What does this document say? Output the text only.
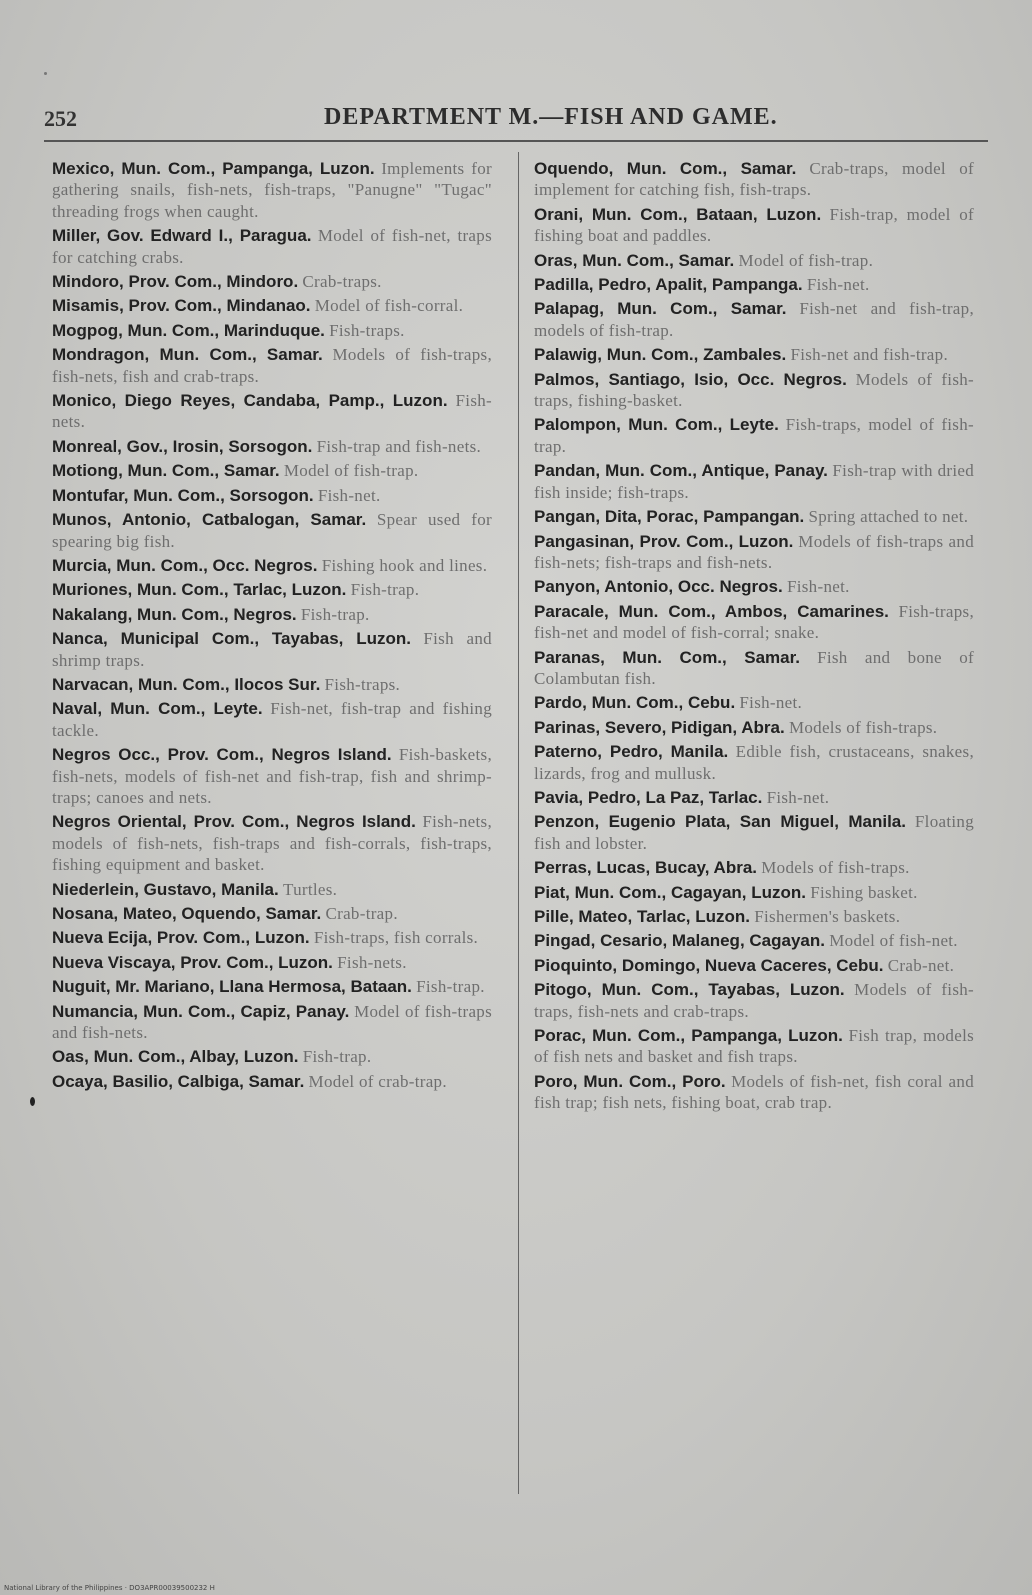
252	DEPARTMENT M.—FISH AND GAME.

Mexico, Mun. Com., Pampanga, Luzon. Implements for gathering snails, fish-nets, fish-traps, "Panugne" "Tugac" threading frogs when caught.

Miller, Gov. Edward I., Paragua. Model of fish-net, traps for catching crabs.

Mindoro, Prov. Com., Mindoro. Crab-traps.

Misamis, Prov. Com., Mindanao. Model of fish-corral.

Mogpog, Mun. Com., Marinduque. Fish-traps.

Mondragon, Mun. Com., Samar. Models of fish-traps, fish-nets, fish and crab-traps.

Monico, Diego Reyes, Candaba, Pamp., Luzon. Fish-nets.

Monreal, Gov., Irosin, Sorsogon. Fish-trap and fish-nets.

Motiong, Mun. Com., Samar. Model of fish-trap.

Montufar, Mun. Com., Sorsogon. Fish-net.

Munos, Antonio, Catbalogan, Samar. Spear used for spearing big fish.

Murcia, Mun. Com., Occ. Negros. Fishing hook and lines.

Muriones, Mun. Com., Tarlac, Luzon. Fish-trap.

Nakalang, Mun. Com., Negros. Fish-trap.

Nanca, Municipal Com., Tayabas, Luzon. Fish and shrimp traps.

Narvacan, Mun. Com., Ilocos Sur. Fish-traps.

Naval, Mun. Com., Leyte. Fish-net, fish-trap and fishing tackle.

Negros Occ., Prov. Com., Negros Island. Fish-baskets, fish-nets, models of fish-net and fish-trap, fish and shrimp-traps; canoes and nets.

Negros Oriental, Prov. Com., Negros Island. Fish-nets, models of fish-nets, fish-traps and fish-corrals, fish-traps, fishing equipment and basket.

Niederlein, Gustavo, Manila. Turtles.

Nosana, Mateo, Oquendo, Samar. Crab-trap.

Nueva Ecija, Prov. Com., Luzon. Fish-traps, fish corrals.

Nueva Viscaya, Prov. Com., Luzon. Fish-nets.

Nuguit, Mr. Mariano, Llana Hermosa, Bataan. Fish-trap.

Numancia, Mun. Com., Capiz, Panay. Model of fish-traps and fish-nets.

Oas, Mun. Com., Albay, Luzon. Fish-trap.

Ocaya, Basilio, Calbiga, Samar. Model of crab-trap.

Oquendo, Mun. Com., Samar. Crab-traps, model of implement for catching fish, fish-traps.

Orani, Mun. Com., Bataan, Luzon. Fish-trap, model of fishing boat and paddles.

Oras, Mun. Com., Samar. Model of fish-trap.

Padilla, Pedro, Apalit, Pampanga. Fish-net.

Palapag, Mun. Com., Samar. Fish-net and fish-trap, models of fish-trap.

Palawig, Mun. Com., Zambales. Fish-net and fish-trap.

Palmos, Santiago, Isio, Occ. Negros. Models of fish-traps, fishing-basket.

Palompon, Mun. Com., Leyte. Fish-traps, model of fish-trap.

Pandan, Mun. Com., Antique, Panay. Fish-trap with dried fish inside; fish-traps.

Pangan, Dita, Porac, Pampangan. Spring attached to net.

Pangasinan, Prov. Com., Luzon. Models of fish-traps and fish-nets; fish-traps and fish-nets.

Panyon, Antonio, Occ. Negros. Fish-net.

Paracale, Mun. Com., Ambos, Camarines. Fish-traps, fish-net and model of fish-corral; snake.

Paranas, Mun. Com., Samar. Fish and bone of Colambutan fish.

Pardo, Mun. Com., Cebu. Fish-net.

Parinas, Severo, Pidigan, Abra. Models of fish-traps.

Paterno, Pedro, Manila. Edible fish, crustaceans, snakes, lizards, frog and mullusk.

Pavia, Pedro, La Paz, Tarlac. Fish-net.

Penzon, Eugenio Plata, San Miguel, Manila. Floating fish and lobster.

Perras, Lucas, Bucay, Abra. Models of fish-traps.

Piat, Mun. Com., Cagayan, Luzon. Fishing basket.

Pille, Mateo, Tarlac, Luzon. Fishermen's baskets.

Pingad, Cesario, Malaneg, Cagayan. Model of fish-net.

Pioquinto, Domingo, Nueva Caceres, Cebu. Crab-net.

Pitogo, Mun. Com., Tayabas, Luzon. Models of fish-traps, fish-nets and crab-traps.

Porac, Mun. Com., Pampanga, Luzon. Fish trap, models of fish nets and basket and fish traps.

Poro, Mun. Com., Poro. Models of fish-net, fish coral and fish trap; fish nets, fishing boat, crab trap.

National Library of the Philippines · DO3APR00039500232 H
